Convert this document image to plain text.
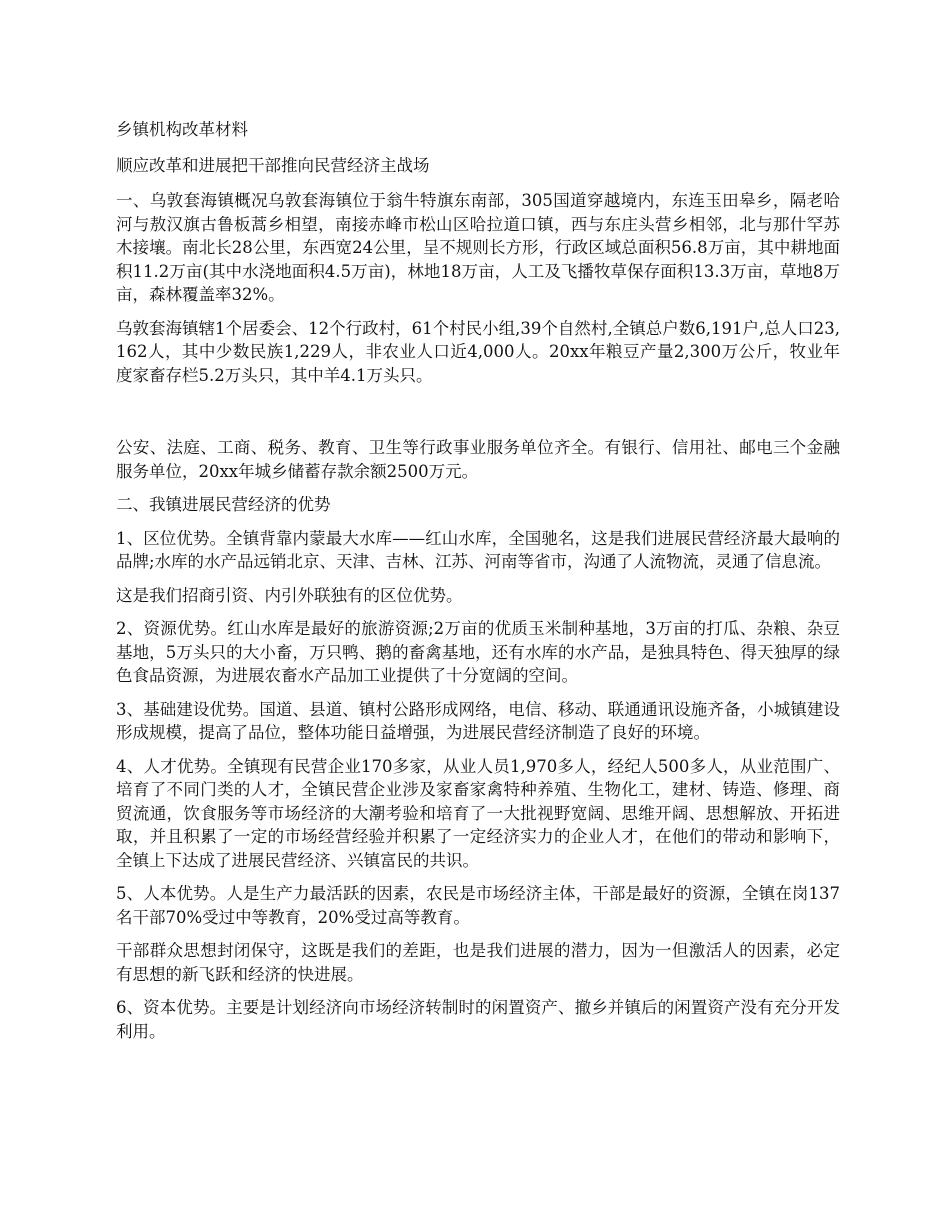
乡镇机构改革材料

顺应改革和进展把干部推向民营经济主战场

一、乌敦套海镇概况乌敦套海镇位于翁牛特旗东南部，305国道穿越境内，东连玉田皋乡，隔老哈河与敖汉旗古鲁板蒿乡相望，南接赤峰市松山区哈拉道口镇，西与东庄头营乡相邻，北与那什罕苏木接壤。南北长28公里，东西宽24公里，呈不规则长方形，行政区域总面积56.8万亩，其中耕地面积11.2万亩(其中水浇地面积4.5万亩)，林地18万亩，人工及飞播牧草保存面积13.3万亩，草地8万亩，森林覆盖率32%。

乌敦套海镇辖1个居委会、12个行政村，61个村民小组,39个自然村,全镇总户数6,191户,总人口23,162人，其中少数民族1,229人，非农业人口近4,000人。20xx年粮豆产量2,300万公斤，牧业年度家畜存栏5.2万头只，其中羊4.1万头只。

公安、法庭、工商、税务、教育、卫生等行政事业服务单位齐全。有银行、信用社、邮电三个金融服务单位，20xx年城乡储蓄存款余额2500万元。

二、我镇进展民营经济的优势

1、区位优势。全镇背靠内蒙最大水库——红山水库，全国驰名，这是我们进展民营经济最大最响的品牌;水库的水产品远销北京、天津、吉林、江苏、河南等省市，沟通了人流物流，灵通了信息流。

这是我们招商引资、内引外联独有的区位优势。

2、资源优势。红山水库是最好的旅游资源;2万亩的优质玉米制种基地，3万亩的打瓜、杂粮、杂豆基地，5万头只的大小畜，万只鸭、鹅的畜禽基地，还有水库的水产品，是独具特色、得天独厚的绿色食品资源，为进展农畜水产品加工业提供了十分宽阔的空间。

3、基础建设优势。国道、县道、镇村公路形成网络，电信、移动、联通通讯设施齐备，小城镇建设形成规模，提高了品位，整体功能日益增强，为进展民营经济制造了良好的环境。

4、人才优势。全镇现有民营企业170多家，从业人员1,970多人，经纪人500多人，从业范围广、培育了不同门类的人才，全镇民营企业涉及家畜家禽特种养殖、生物化工，建材、铸造、修理、商贸流通，饮食服务等市场经济的大潮考验和培育了一大批视野宽阔、思维开阔、思想解放、开拓进取，并且积累了一定的市场经营经验并积累了一定经济实力的企业人才，在他们的带动和影响下，全镇上下达成了进展民营经济、兴镇富民的共识。

5、人本优势。人是生产力最活跃的因素，农民是市场经济主体，干部是最好的资源，全镇在岗137名干部70%受过中等教育，20%受过高等教育。

干部群众思想封闭保守，这既是我们的差距，也是我们进展的潜力，因为一但激活人的因素，必定有思想的新飞跃和经济的快进展。

6、资本优势。主要是计划经济向市场经济转制时的闲置资产、撤乡并镇后的闲置资产没有充分开发利用。
